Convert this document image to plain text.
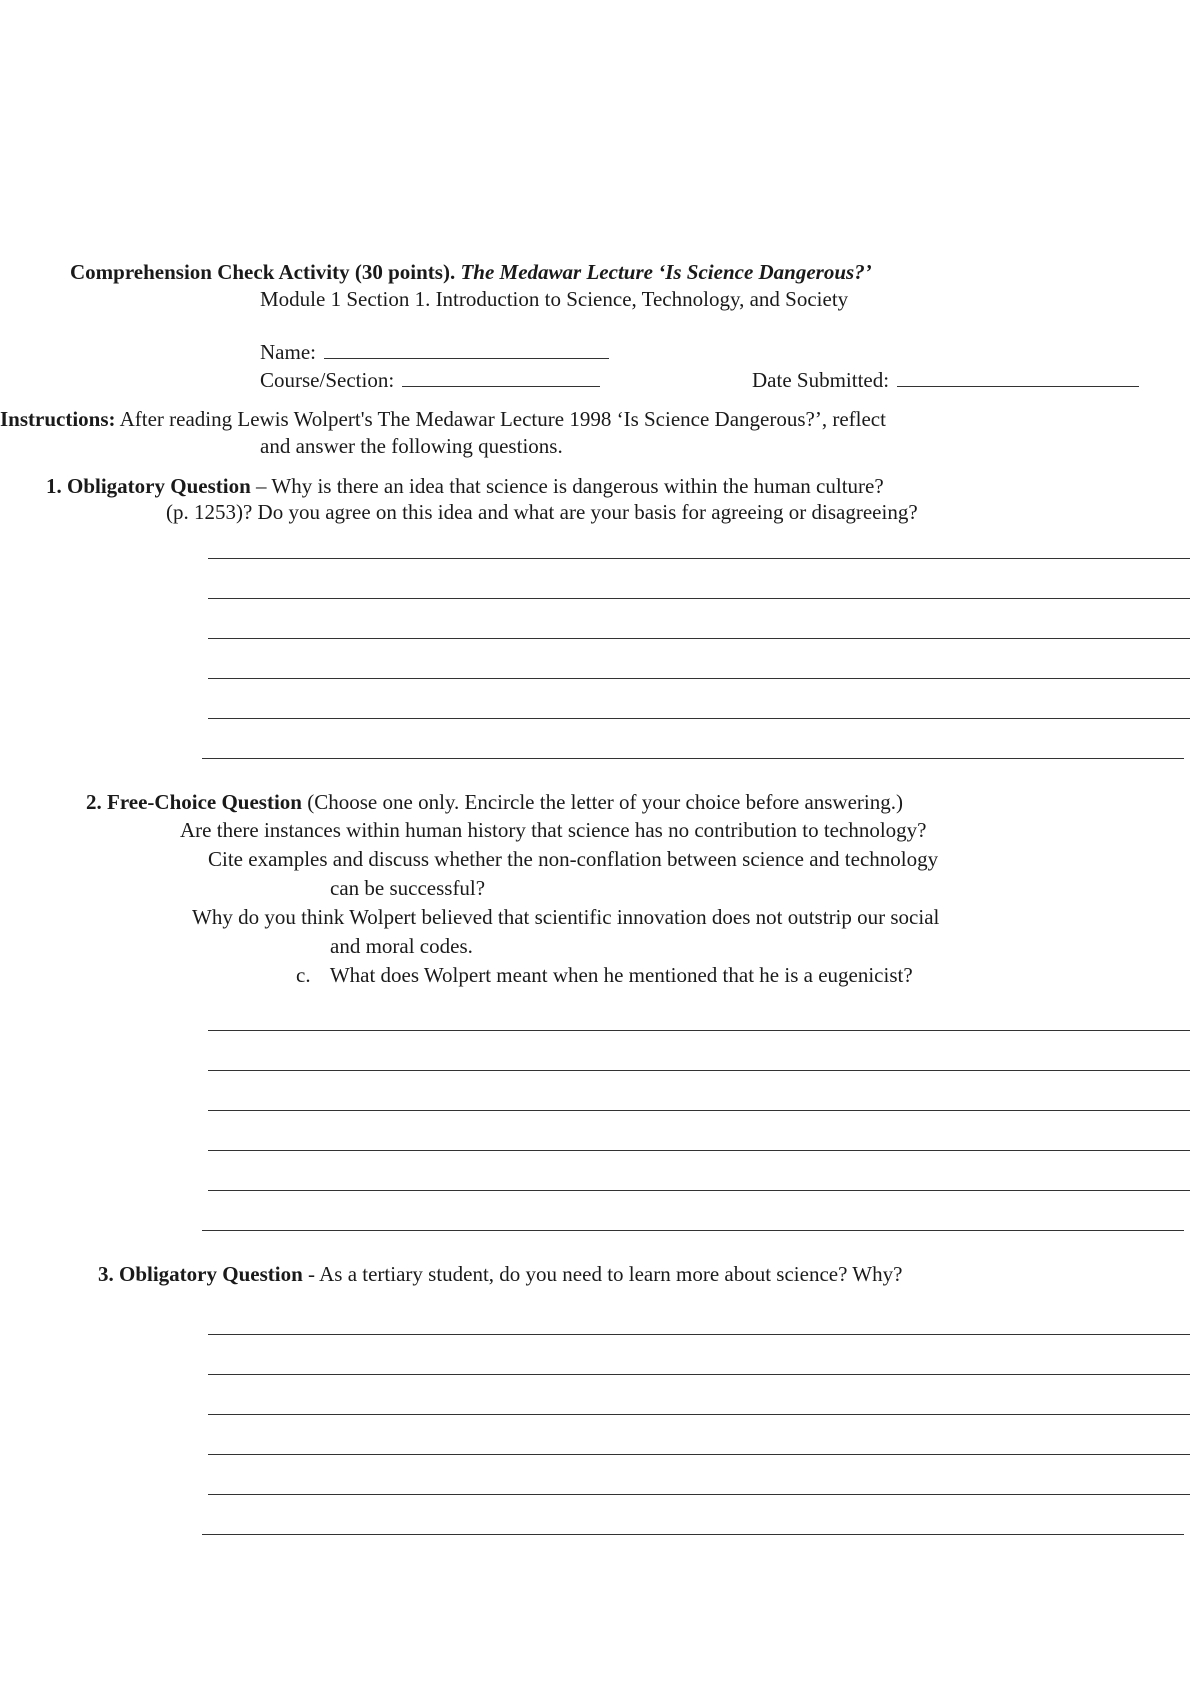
Comprehension Check Activity (30 points). The Medawar Lecture ‘Is Science Dangerous?’
Module 1 Section 1. Introduction to Science, Technology, and Society
Name:
Course/Section:	Date Submitted:
Instructions: After reading Lewis Wolpert's The Medawar Lecture 1998 ‘Is Science Dangerous?’, reflect
and answer the following questions.
1. Obligatory Question – Why is there an idea that science is dangerous within the human culture?
(p. 1253)? Do you agree on this idea and what are your basis for agreeing or disagreeing?
2. Free-Choice Question (Choose one only. Encircle the letter of your choice before answering.)
Are there instances within human history that science has no contribution to technology?
Cite examples and discuss whether the non-conflation between science and technology
can be successful?
Why do you think Wolpert believed that scientific innovation does not outstrip our social
and moral codes.
c. What does Wolpert meant when he mentioned that he is a eugenicist?
3. Obligatory Question - As a tertiary student, do you need to learn more about science? Why?
